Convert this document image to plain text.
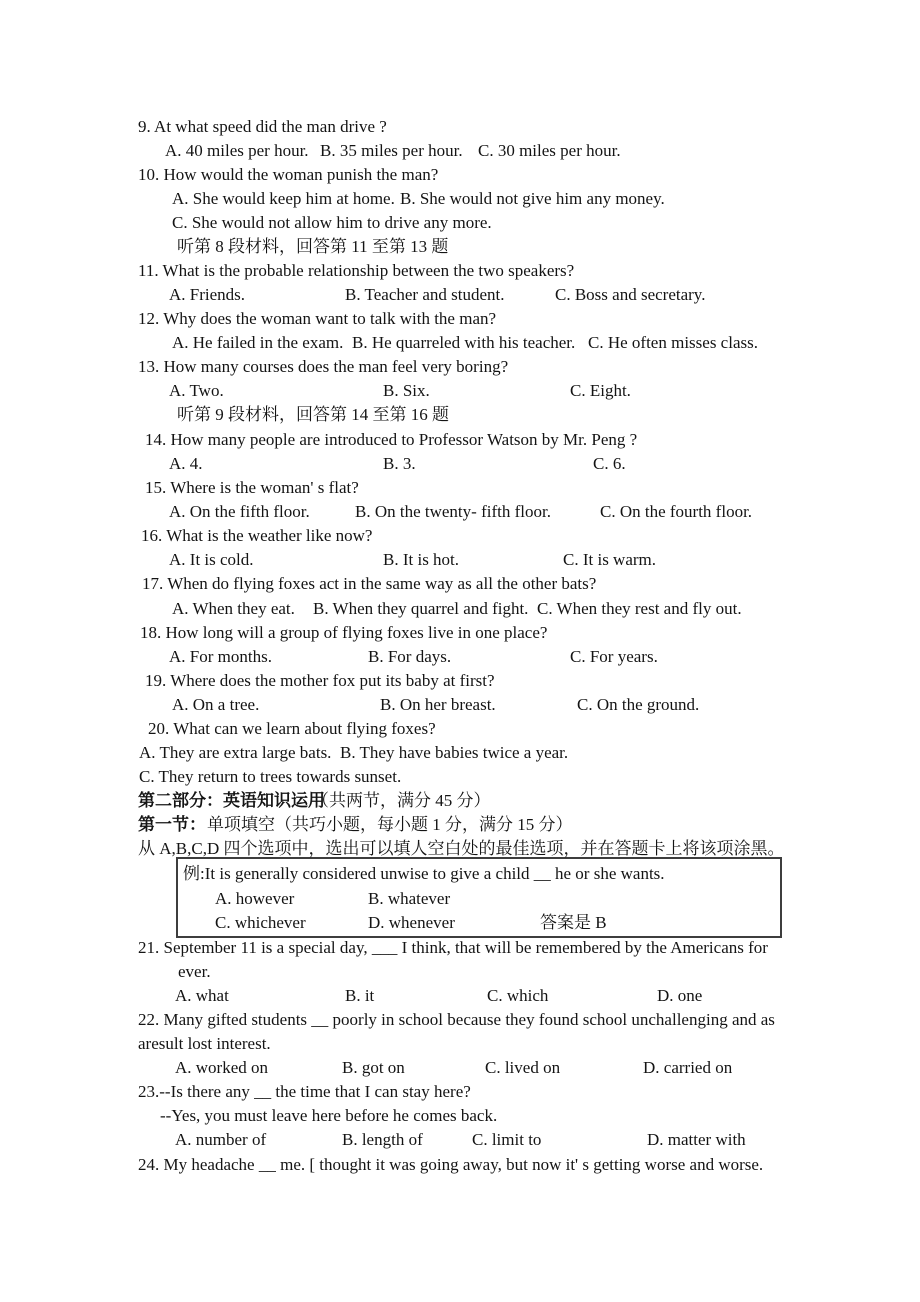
9. At what speed did the man drive ?
A. 40 miles per hour. B. 35 miles per hour. C. 30 miles per hour.
10. How would the woman punish the man?
A. She would keep him at home. B. She would not give him any money.
C. She would not allow him to drive any more.
听第 8 段材料，回答第 11 至第 13 题
11. What is the probable relationship between the two speakers?
A. Friends.	B. Teacher and student.	C. Boss and secretary.
12. Why does the woman want to talk with the man?
A. He failed in the exam. B. He quarreled with his teacher. C. He often misses class.
13. How many courses does the man feel very boring?
A. Two.	B. Six.	C. Eight.
听第 9 段材料，回答第 14 至第 16 题
14. How many people are introduced to Professor Watson by Mr. Peng ?
A. 4.	B. 3.	C. 6.
15. Where is the woman' s flat?
A. On the fifth floor.	B. On the twenty- fifth floor.	C. On the fourth floor.
16. What is the weather like now?
A. It is cold.	B. It is hot.	C. It is warm.
17. When do flying foxes act in the same way as all the other bats?
A. When they eat. B. When they quarrel and fight. C. When they rest and fly out.
18. How long will a group of flying foxes live in one place?
A. For months.	B. For days.	C. For years.
19. Where does the mother fox put its baby at first?
A. On a tree.	B. On her breast.	C. On the ground.
20. What can we learn about flying foxes?
A. They are extra large bats. B. They have babies twice a year.
C. They return to trees towards sunset.
第二部分：英语知识运用
（共两节，满分 45 分）
第一节： 单项填空（共巧小题，每小题 1 分，满分 15 分）
从 A,B,C,D 四个选项中，选出可以填人空白处的最佳选项，并在答题卡上将该项涂黑。
例:It is generally considered unwise to give a child __ he or she wants.
A. however	B. whatever
C. whichever	D. whenever	答案是 B
21. September 11 is a special day, ___ I think, that will be remembered by the Americans for
ever.
A. what	B. it	C. which	D. one
22. Many gifted students __ poorly in school because they found school unchallenging and as
aresult lost interest.
A. worked on	B. got on	C. lived on	D. carried on
23.--Is there any __ the time that I can stay here?
--Yes, you must leave here before he comes back.
A. number of	B. length of	C. limit to	D. matter with
24. My headache __ me. [ thought it was going away, but now it' s getting worse and worse.
